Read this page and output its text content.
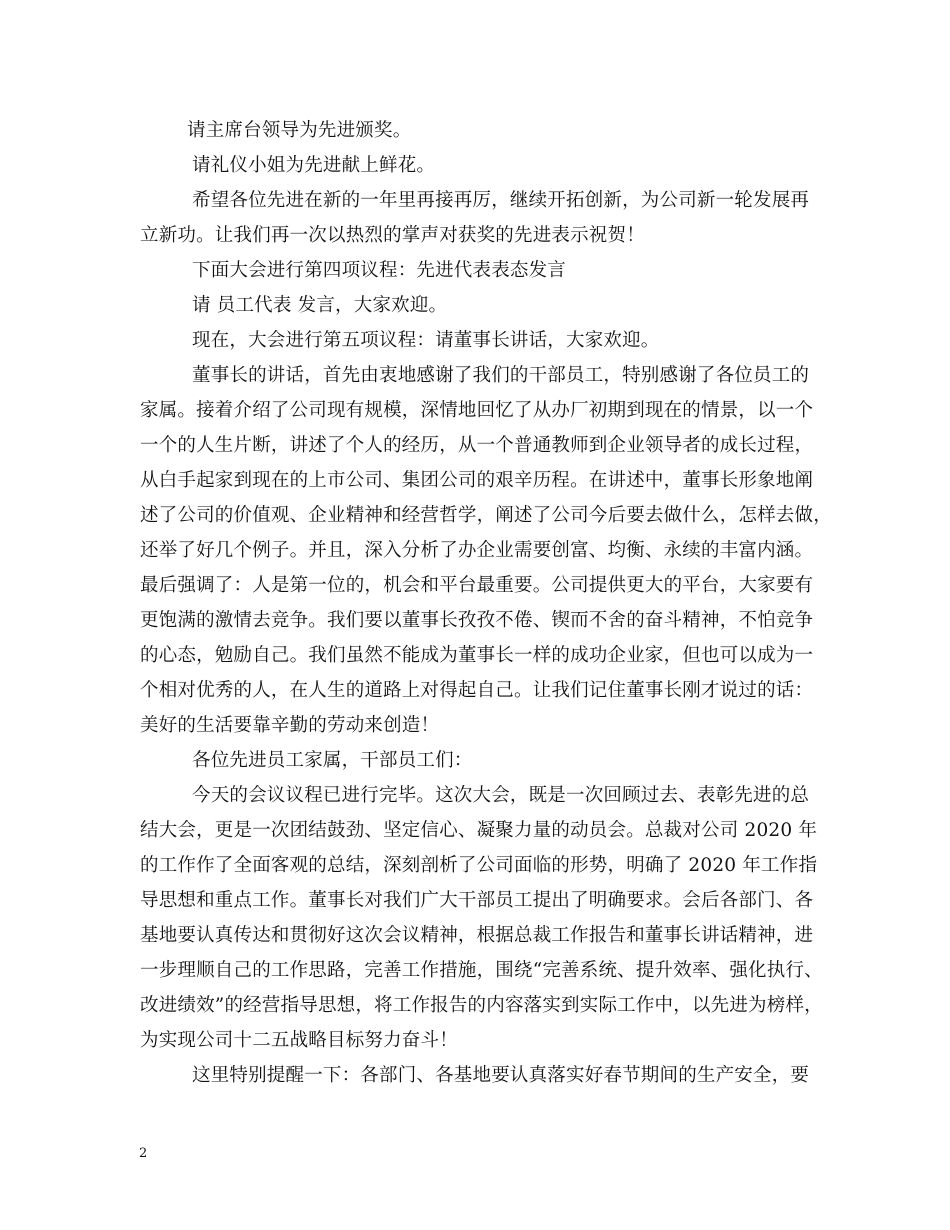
请主席台领导为先进颁奖。
请礼仪小姐为先进献上鲜花。
希望各位先进在新的一年里再接再厉，继续开拓创新，为公司新一轮发展再
立新功。让我们再一次以热烈的掌声对获奖的先进表示祝贺！
下面大会进行第四项议程：先进代表表态发言
请 员工代表 发言，大家欢迎。
现在，大会进行第五项议程：请董事长讲话，大家欢迎。
董事长的讲话，首先由衷地感谢了我们的干部员工，特别感谢了各位员工的
家属。接着介绍了公司现有规模，深情地回忆了从办厂初期到现在的情景，以一个
一个的人生片断，讲述了个人的经历，从一个普通教师到企业领导者的成长过程，
从白手起家到现在的上市公司、集团公司的艰辛历程。在讲述中，董事长形象地阐
述了公司的价值观、企业精神和经营哲学，阐述了公司今后要去做什么，怎样去做，
还举了好几个例子。并且，深入分析了办企业需要创富、均衡、永续的丰富内涵。
最后强调了：人是第一位的，机会和平台最重要。公司提供更大的平台，大家要有
更饱满的激情去竞争。我们要以董事长孜孜不倦、锲而不舍的奋斗精神，不怕竞争
的心态，勉励自己。我们虽然不能成为董事长一样的成功企业家，但也可以成为一
个相对优秀的人，在人生的道路上对得起自己。让我们记住董事长刚才说过的话：
美好的生活要靠辛勤的劳动来创造！
各位先进员工家属，干部员工们：
今天的会议议程已进行完毕。这次大会，既是一次回顾过去、表彰先进的总
结大会，更是一次团结鼓劲、坚定信心、凝聚力量的动员会。总裁对公司 2020 年
的工作作了全面客观的总结，深刻剖析了公司面临的形势，明确了 2020 年工作指
导思想和重点工作。董事长对我们广大干部员工提出了明确要求。会后各部门、各
基地要认真传达和贯彻好这次会议精神，根据总裁工作报告和董事长讲话精神，进
一步理顺自己的工作思路，完善工作措施，围绕“完善系统、提升效率、强化执行、
改进绩效”的经营指导思想，将工作报告的内容落实到实际工作中，以先进为榜样，
为实现公司十二五战略目标努力奋斗！
这里特别提醒一下：各部门、各基地要认真落实好春节期间的生产安全，要
2
